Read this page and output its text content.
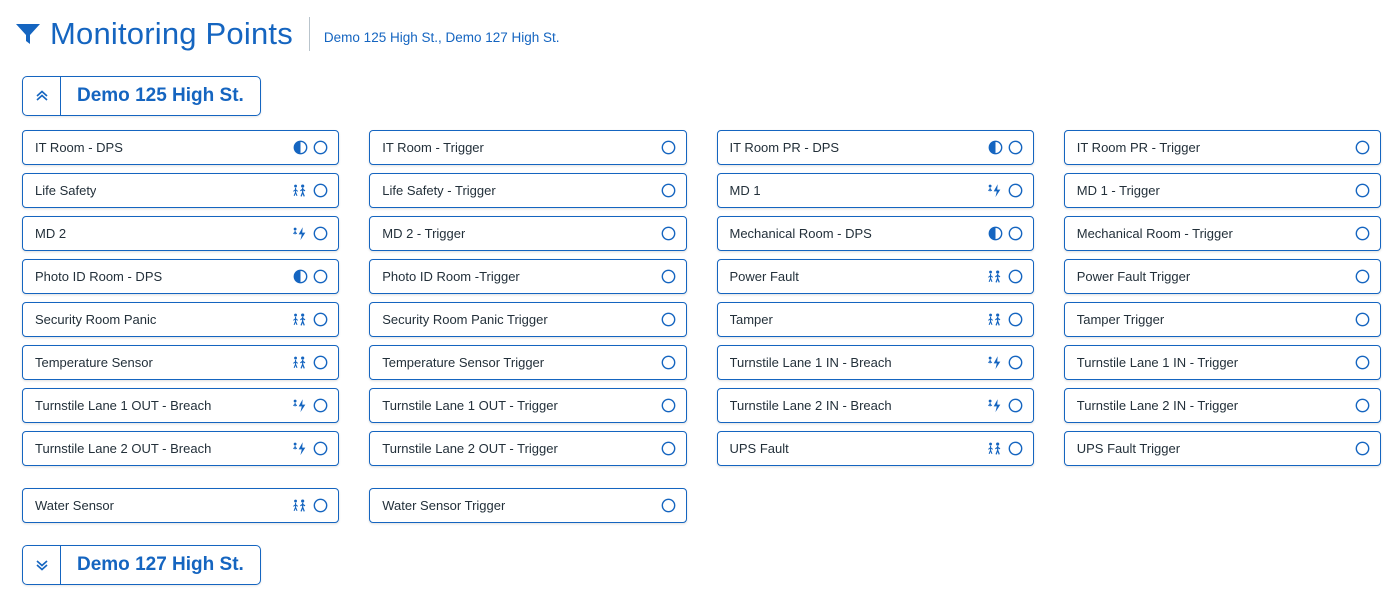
Monitoring Points Demo 125 High St., Demo 127 High St.
Demo 125 High St.
IT Room - DPS
Life Safety
MD 2
Photo ID Room - DPS
Security Room Panic
Temperature Sensor
Turnstile Lane 1 OUT - Breach
Turnstile Lane 2 OUT - Breach
Water Sensor
IT Room - Trigger
Life Safety - Trigger
MD 2 - Trigger
Photo ID Room -Trigger
Security Room Panic Trigger
Temperature Sensor Trigger
Turnstile Lane 1 OUT - Trigger
Turnstile Lane 2 OUT - Trigger
Water Sensor Trigger
IT Room PR - DPS
MD 1
Mechanical Room - DPS
Power Fault
Tamper
Turnstile Lane 1 IN - Breach
Turnstile Lane 2 IN - Breach
UPS Fault
IT Room PR - Trigger
MD 1 - Trigger
Mechanical Room - Trigger
Power Fault Trigger
Tamper Trigger
Turnstile Lane 1 IN - Trigger
Turnstile Lane 2 IN - Trigger
UPS Fault Trigger
Demo 127 High St.
